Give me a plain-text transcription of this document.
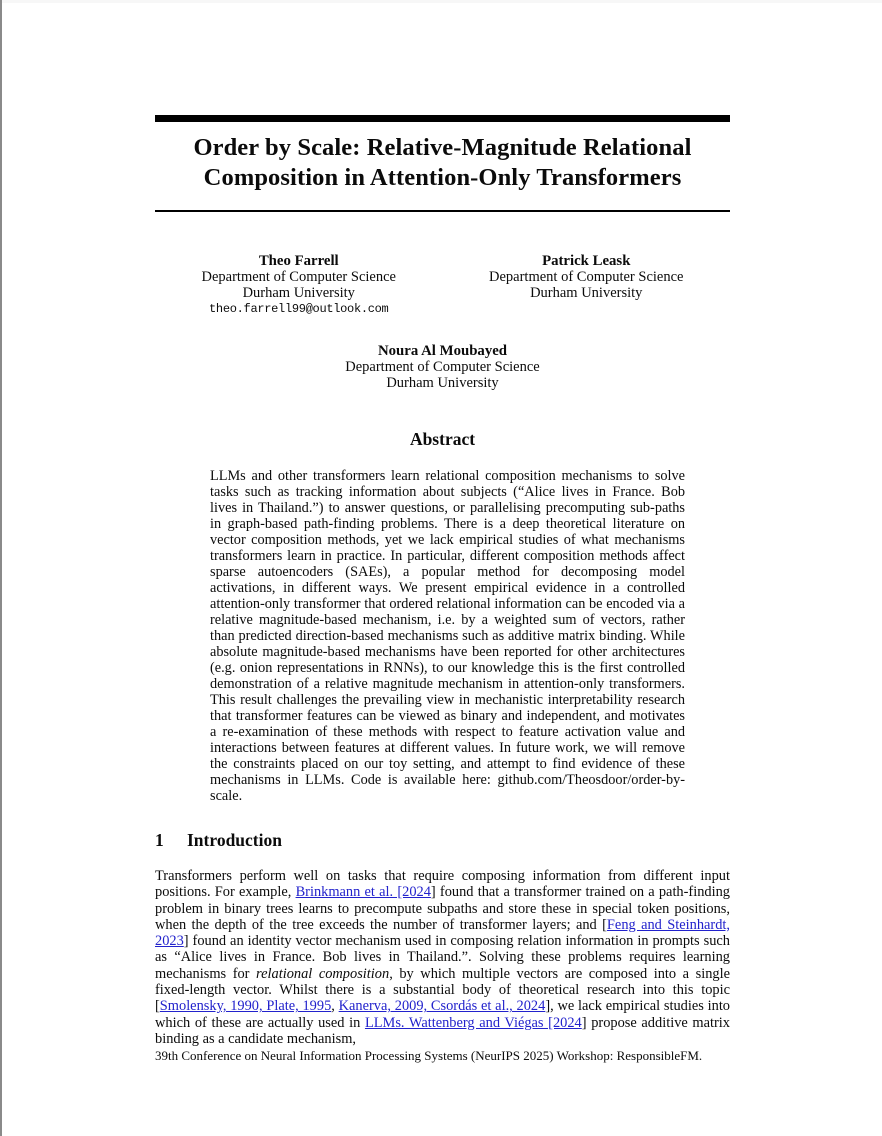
Order by Scale: Relative-Magnitude Relational
Composition in Attention-Only Transformers
Theo Farrell
Department of Computer Science
Durham University
theo.farrell99@outlook.com
Patrick Leask
Department of Computer Science
Durham University
Noura Al Moubayed
Department of Computer Science
Durham University
Abstract
LLMs and other transformers learn relational composition mechanisms to solve tasks such as tracking information about subjects (“Alice lives in France. Bob lives in Thailand.”) to answer questions, or parallelising precomputing sub-paths in graph-based path-finding problems. There is a deep theoretical literature on vector composition methods, yet we lack empirical studies of what mechanisms transformers learn in practice. In particular, different composition methods affect sparse autoencoders (SAEs), a popular method for decomposing model activations, in different ways. We present empirical evidence in a controlled attention-only transformer that ordered relational information can be encoded via a relative magnitude-based mechanism, i.e. by a weighted sum of vectors, rather than predicted direction-based mechanisms such as additive matrix binding. While absolute magnitude-based mechanisms have been reported for other architectures (e.g. onion representations in RNNs), to our knowledge this is the first controlled demonstration of a relative magnitude mechanism in attention-only transformers. This result challenges the prevailing view in mechanistic interpretability research that transformer features can be viewed as binary and independent, and motivates a re-examination of these methods with respect to feature activation value and interactions between features at different values. In future work, we will remove the constraints placed on our toy setting, and attempt to find evidence of these mechanisms in LLMs. Code is available here: github.com/Theosdoor/order-by-scale.
1 Introduction
Transformers perform well on tasks that require composing information from different input positions. For example, Brinkmann et al. [2024] found that a transformer trained on a path-finding problem in binary trees learns to precompute subpaths and store these in special token positions, when the depth of the tree exceeds the number of transformer layers; and [Feng and Steinhardt, 2023] found an identity vector mechanism used in composing relation information in prompts such as “Alice lives in France. Bob lives in Thailand.”. Solving these problems requires learning mechanisms for relational composition, by which multiple vectors are composed into a single fixed-length vector. Whilst there is a substantial body of theoretical research into this topic [Smolensky, 1990, Plate, 1995, Kanerva, 2009, Csordás et al., 2024], we lack empirical studies into which of these are actually used in LLMs. Wattenberg and Viégas [2024] propose additive matrix binding as a candidate mechanism,
39th Conference on Neural Information Processing Systems (NeurIPS 2025) Workshop: ResponsibleFM.
